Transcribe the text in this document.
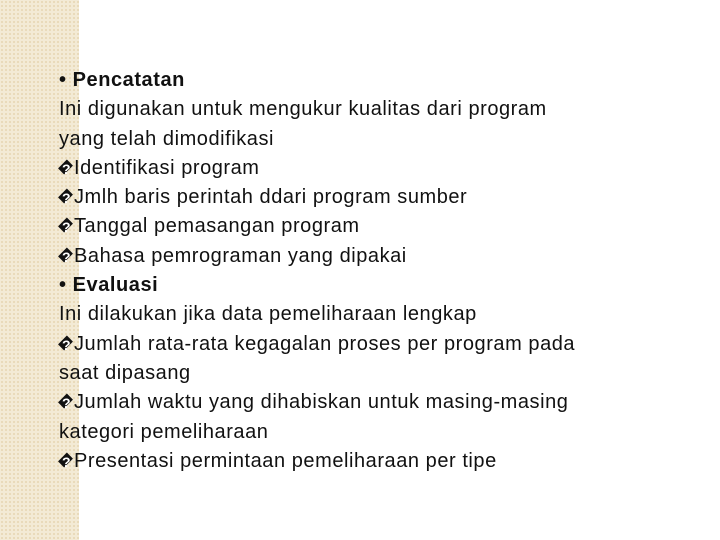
• Pencatatan
Ini digunakan untuk mengukur kualitas dari program
yang telah dimodifikasi
?Identifikasi program
?Jmlh baris perintah ddari program sumber
?Tanggal pemasangan program
?Bahasa pemrograman yang dipakai
• Evaluasi
Ini dilakukan jika data pemeliharaan lengkap
?Jumlah rata-rata kegagalan proses per program pada
saat dipasang
?Jumlah waktu yang dihabiskan untuk masing-masing
kategori pemeliharaan
?Presentasi permintaan pemeliharaan per tipe
